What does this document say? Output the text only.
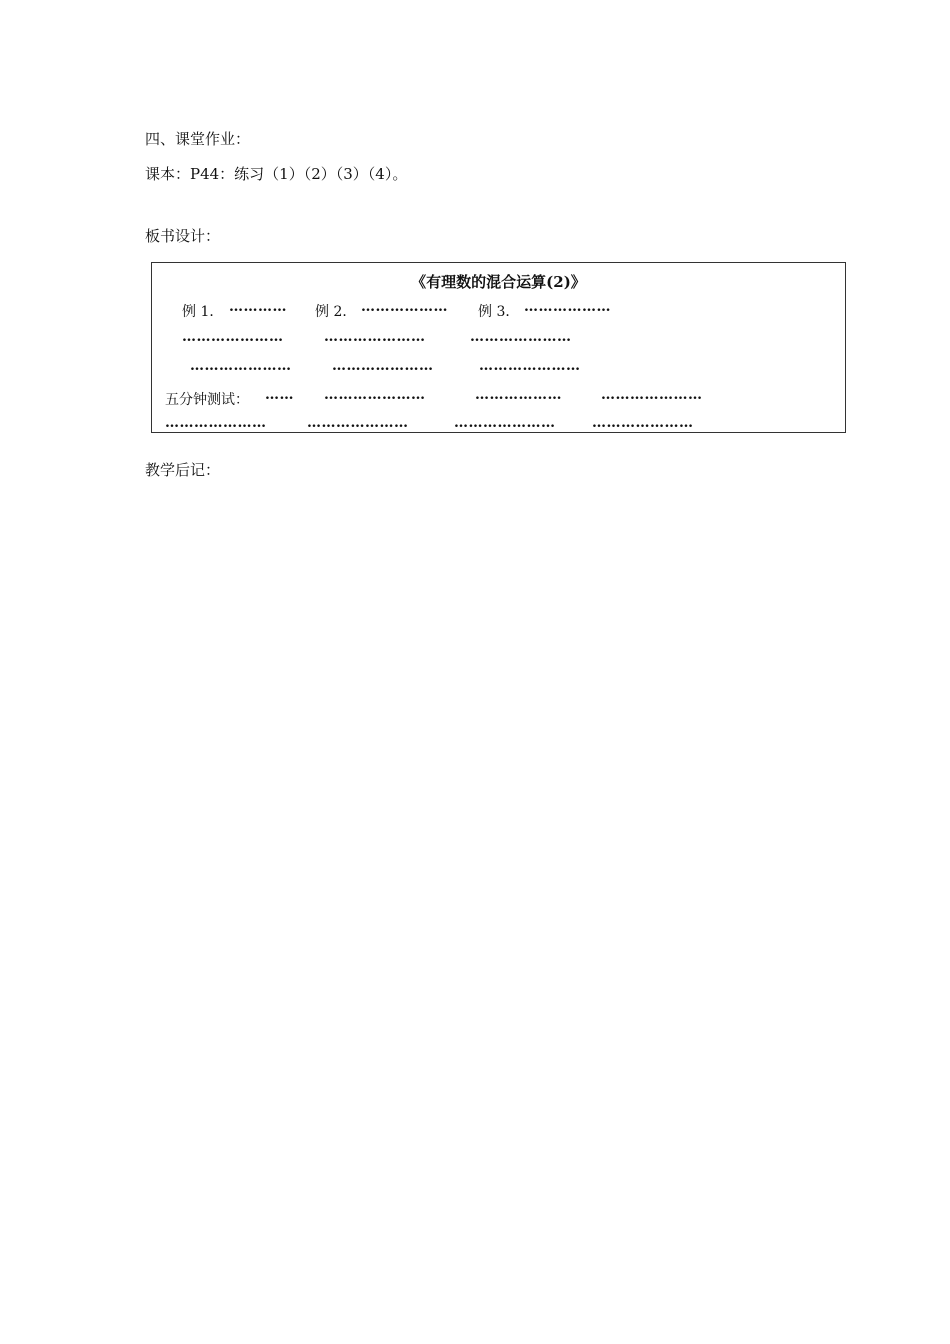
四、课堂作业：
课本：P44：练习（1）（2）（3）（4）。
板书设计：
《有理数的混合运算(2)》
例 1． ………… 例 2． ……………… 例 3． ………………
…………………	…………………	…………………
…………………	…………………	…………………
五分钟测试： …… …………………	………………	…………………
…………………	…………………	…………………	…………………
教学后记：
